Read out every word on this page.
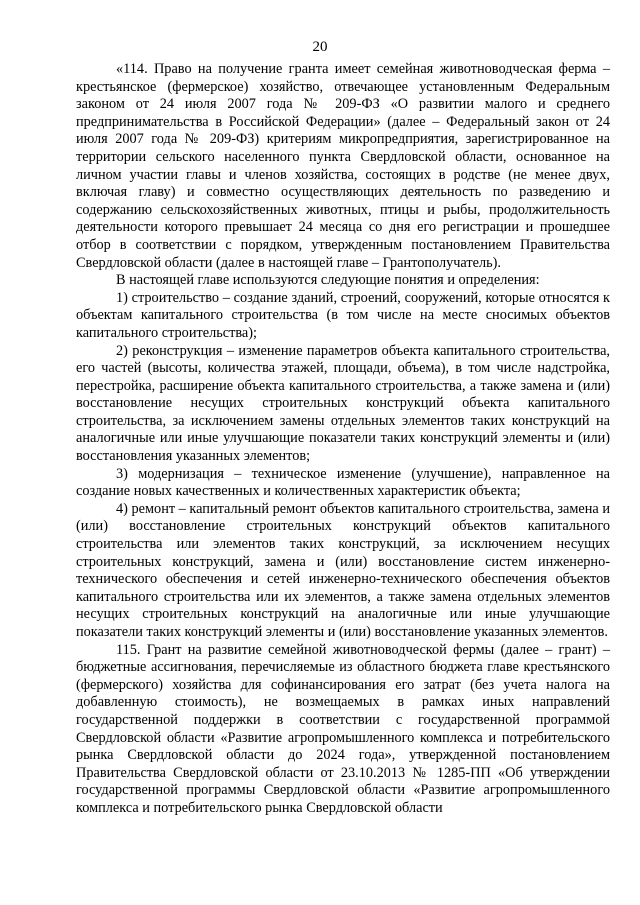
20

«114. Право на получение гранта имеет семейная животноводческая ферма – крестьянское (фермерское) хозяйство, отвечающее установленным Федеральным законом от 24 июля 2007 года № 209-ФЗ «О развитии малого и среднего предпринимательства в Российской Федерации» (далее – Федеральный закон от 24 июля 2007 года № 209-ФЗ) критериям микропредприятия, зарегистрированное на территории сельского населенного пункта Свердловской области, основанное на личном участии главы и членов хозяйства, состоящих в родстве (не менее двух, включая главу) и совместно осуществляющих деятельность по разведению и содержанию сельскохозяйственных животных, птицы и рыбы, продолжительность деятельности которого превышает 24 месяца со дня его регистрации и прошедшее отбор в соответствии с порядком, утвержденным постановлением Правительства Свердловской области (далее в настоящей главе – Грантополучатель).

В настоящей главе используются следующие понятия и определения:

1) строительство – создание зданий, строений, сооружений, которые относятся к объектам капитального строительства (в том числе на месте сносимых объектов капитального строительства);

2) реконструкция – изменение параметров объекта капитального строительства, его частей (высоты, количества этажей, площади, объема), в том числе надстройка, перестройка, расширение объекта капитального строительства, а также замена и (или) восстановление несущих строительных конструкций объекта капитального строительства, за исключением замены отдельных элементов таких конструкций на аналогичные или иные улучшающие показатели таких конструкций элементы и (или) восстановления указанных элементов;

3) модернизация – техническое изменение (улучшение), направленное на создание новых качественных и количественных характеристик объекта;

4) ремонт – капитальный ремонт объектов капитального строительства, замена и (или) восстановление строительных конструкций объектов капитального строительства или элементов таких конструкций, за исключением несущих строительных конструкций, замена и (или) восстановление систем инженерно-технического обеспечения и сетей инженерно-технического обеспечения объектов капитального строительства или их элементов, а также замена отдельных элементов несущих строительных конструкций на аналогичные или иные улучшающие показатели таких конструкций элементы и (или) восстановление указанных элементов.

115. Грант на развитие семейной животноводческой фермы (далее – грант) – бюджетные ассигнования, перечисляемые из областного бюджета главе крестьянского (фермерского) хозяйства для софинансирования его затрат (без учета налога на добавленную стоимость), не возмещаемых в рамках иных направлений государственной поддержки в соответствии с государственной программой Свердловской области «Развитие агропромышленного комплекса и потребительского рынка Свердловской области до 2024 года», утвержденной постановлением Правительства Свердловской области от 23.10.2013 № 1285-ПП «Об утверждении государственной программы Свердловской области «Развитие агропромышленного комплекса и потребительского рынка Свердловской области
